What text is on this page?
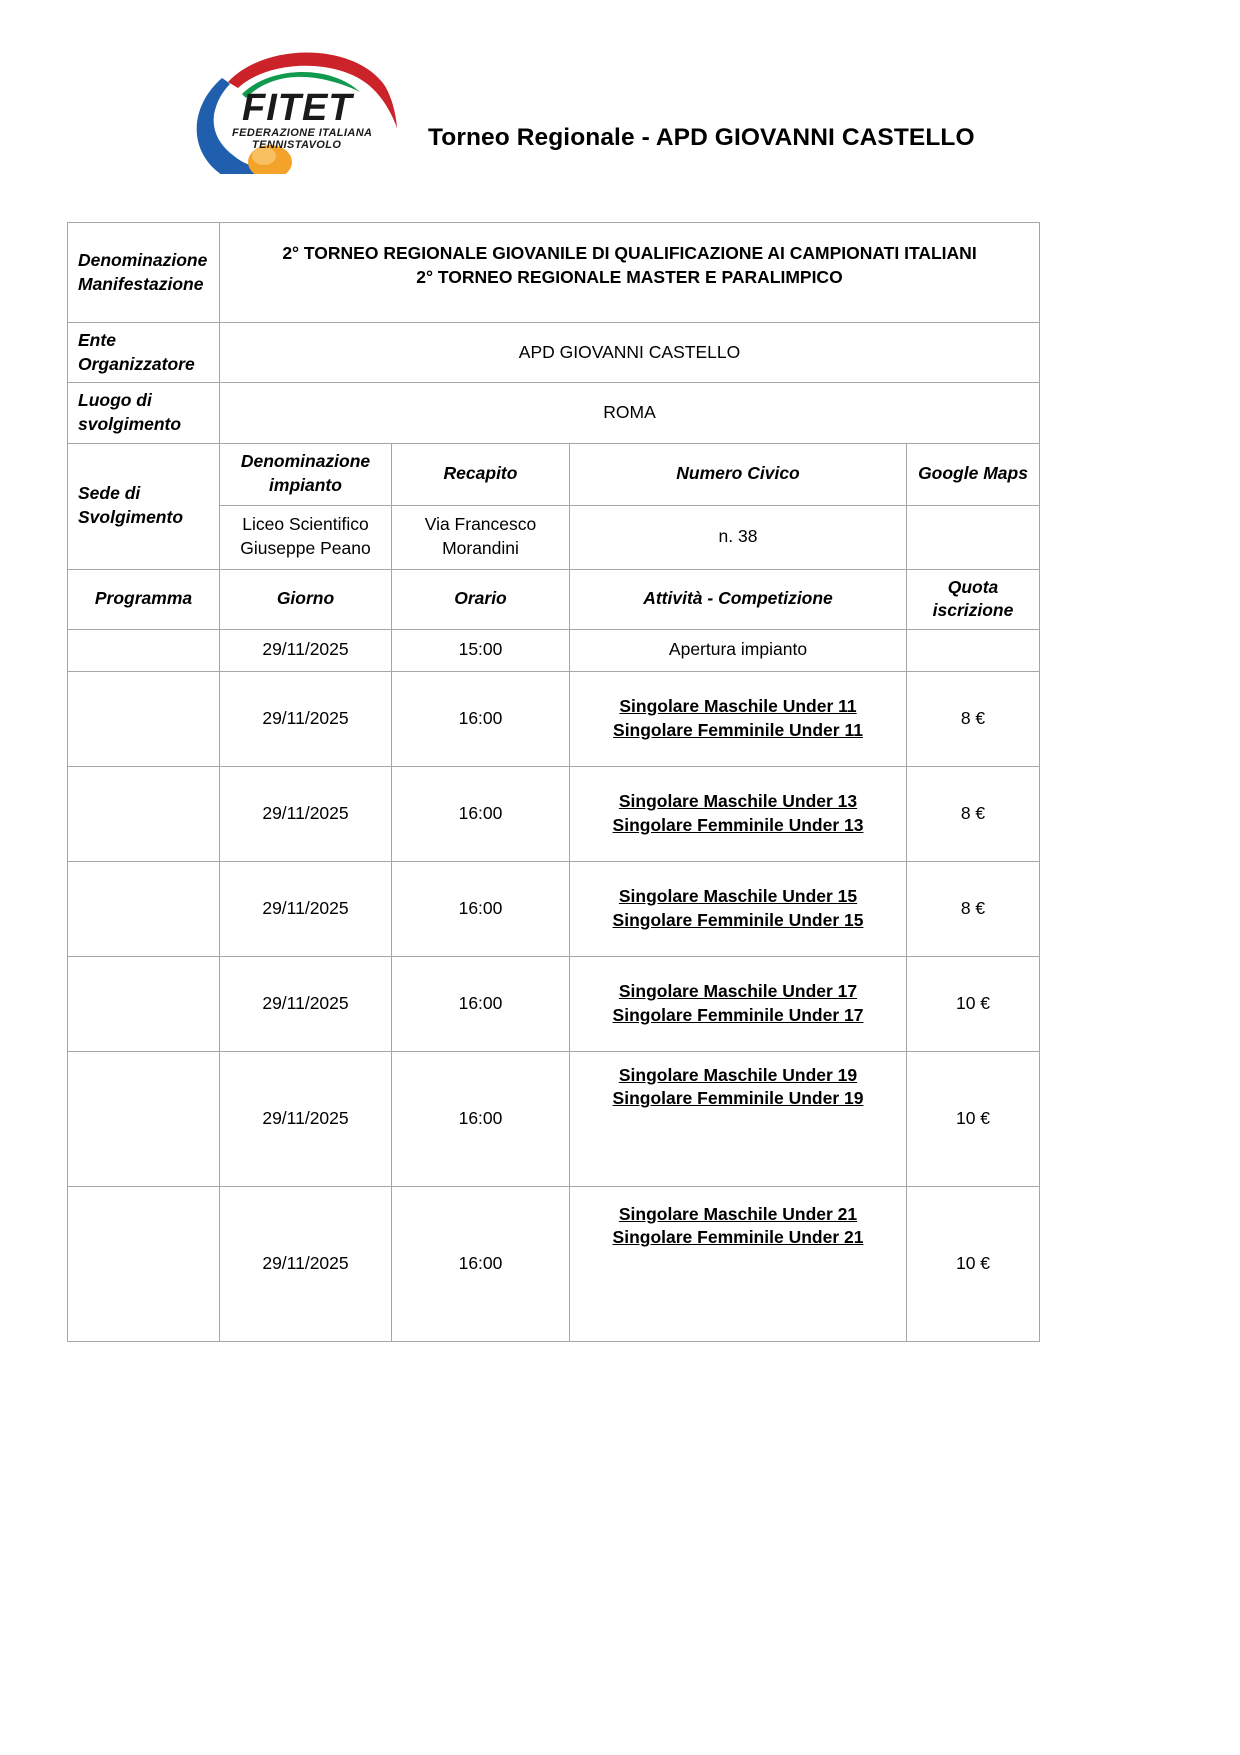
FITET
FEDERAZIONE ITALIANA
TENNISTAVOLO	Torneo Regionale - APD GIOVANNI CASTELLO
Denominazione
Manifestazione	2° TORNEO REGIONALE GIOVANILE DI QUALIFICAZIONE AI CAMPIONATI ITALIANI
2° TORNEO REGIONALE MASTER E PARALIMPICO			

Ente
Organizzatore	APD GIOVANNI CASTELLO			
Luogo di
svolgimento	ROMA			
Sede di
Svolgimento	Denominazione
impianto	Recapito	Numero Civico	Google Maps

	Liceo Scientifico
Giuseppe Peano	Via Francesco
Morandini	n. 38	
Programma	Giorno	Orario	Attività - Competizione	Quota
iscrizione

	29/11/2025	15:00	Apertura impianto	
	29/11/2025	16:00	Singolare Maschile Under 11
Singolare Femminile Under 11	8 €
	29/11/2025	16:00	Singolare Maschile Under 13
Singolare Femminile Under 13	8 €
	29/11/2025	16:00	Singolare Maschile Under 15
Singolare Femminile Under 15	8 €
	29/11/2025	16:00	Singolare Maschile Under 17
Singolare Femminile Under 17	10 €
	29/11/2025	16:00	Singolare Maschile Under 19
Singolare Femminile Under 19	10 €
	29/11/2025	16:00	Singolare Maschile Under 21
Singolare Femminile Under 21	10 €
